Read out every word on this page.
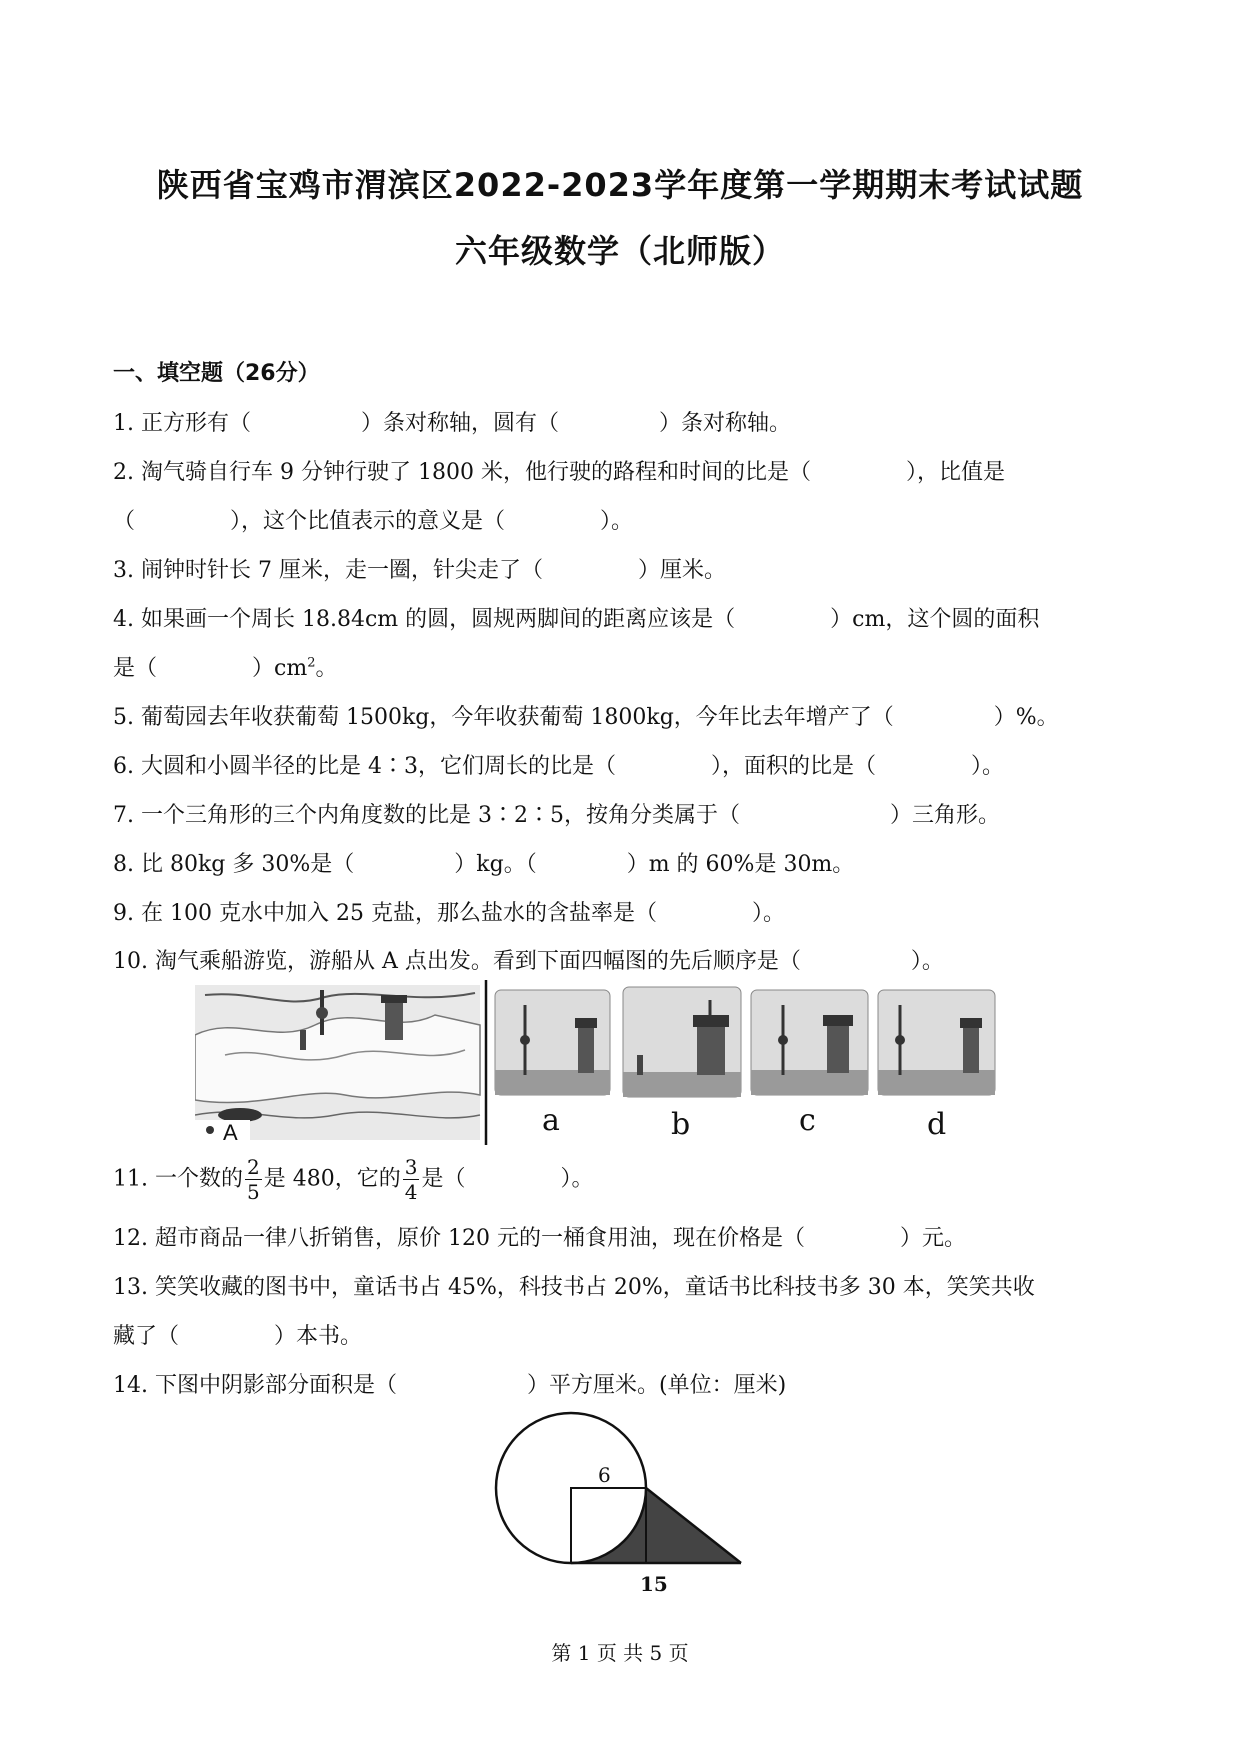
陕西省宝鸡市渭滨区2022-2023学年度第一学期期末考试试题
六年级数学（北师版）
一、填空题（26分）
1. 正方形有（	）条对称轴，圆有（	）条对称轴。
2. 淘气骑自行车 9 分钟行驶了 1800 米，他行驶的路程和时间的比是（	），比值是
（	），这个比值表示的意义是（	）。
3. 闹钟时针长 7 厘米，走一圈，针尖走了（	）厘米。
4. 如果画一个周长 18.84cm 的圆，圆规两脚间的距离应该是（	）cm，这个圆的面积
是（	）$cm^2$。
5. 葡萄园去年收获葡萄 1500kg，今年收获葡萄 1800kg，今年比去年增产了（	）%。
6. 大圆和小圆半径的比是 4∶3，它们周长的比是（	），面积的比是（	）。
7. 一个三角形的三个内角度数的比是 3∶2∶5，按角分类属于（	）三角形。
8. 比 80kg 多 30%是（	）kg。（	）m 的 60%是 30m。
9. 在 100 克水中加入 25 克盐，那么盐水的含盐率是（	）。
10. 淘气乘船游览，游船从 A 点出发。看到下面四幅图的先后顺序是（	）。
A	a	b	c	d
11. 一个数的 $\frac{2}{5}$ 是 480，它的 $\frac{3}{4}$ 是（	）。
12. 超市商品一律八折销售，原价 120 元的一桶食用油，现在价格是（	）元。
13. 笑笑收藏的图书中，童话书占 45%，科技书占 20%，童话书比科技书多 30 本，笑笑共收
藏了（	）本书。
14. 下图中阴影部分面积是（	）平方厘米。(单位：厘米)
6
15
第 1 页 共 5 页
